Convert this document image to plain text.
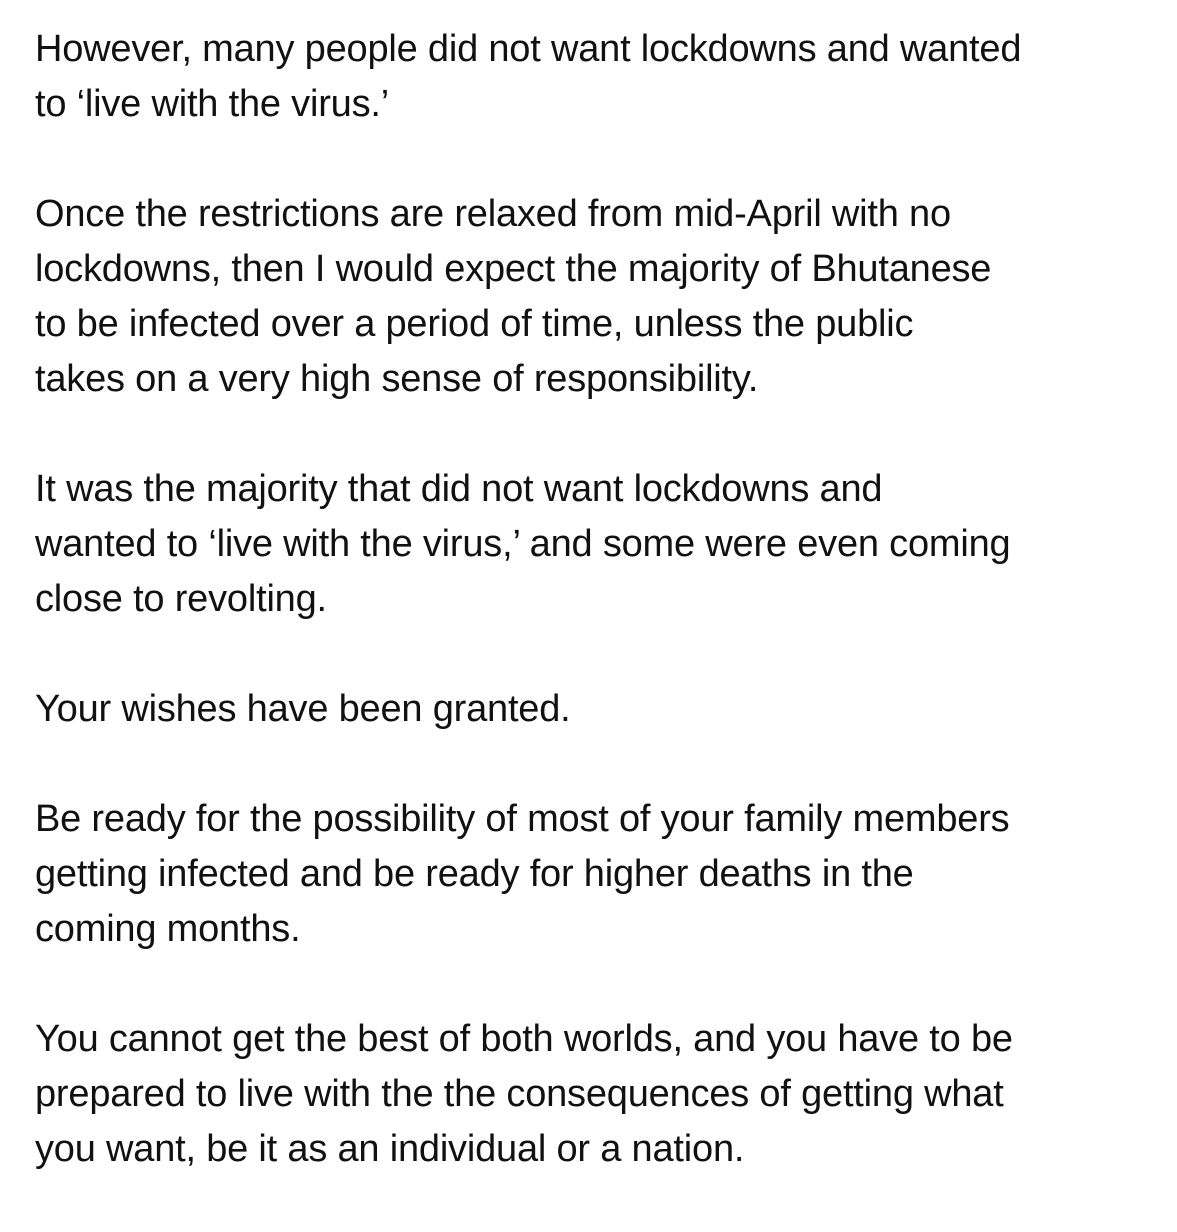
However, many people did not want lockdowns and wanted
to ‘live with the virus.’

Once the restrictions are relaxed from mid-April with no
lockdowns, then I would expect the majority of Bhutanese
to be infected over a period of time, unless the public
takes on a very high sense of responsibility.

It was the majority that did not want lockdowns and
wanted to ‘live with the virus,’ and some were even coming
close to revolting.

Your wishes have been granted.

Be ready for the possibility of most of your family members
getting infected and be ready for higher deaths in the
coming months.

You cannot get the best of both worlds, and you have to be
prepared to live with the the consequences of getting what
you want, be it as an individual or a nation.
